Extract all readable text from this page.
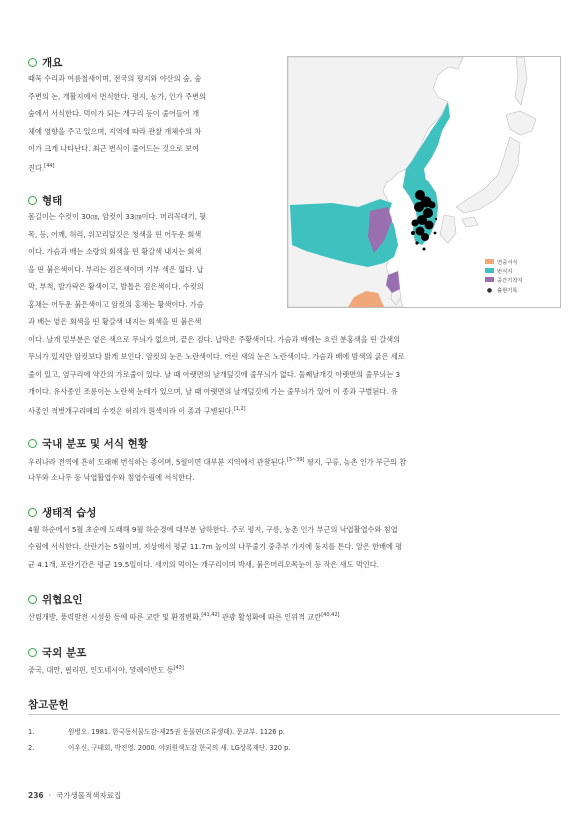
개요

때묵 수리과 여름철새이며, 전국의 평지와 야산의 숲, 숲

주변의 논, 개활지에서 번식한다. 평지, 농가, 인가 주변의

숲에서 서식한다. 먹이가 되는 개구리 등이 줄어들어 개

체에 영향을 주고 있으며, 지역에 따라 관찰 개체수의 차

이가 크게 나타난다. 최근 번식이 줄어드는 것으로 보여

진다.[44]

형태

몸길이는 수컷이 30㎝, 암컷이 33㎝이다. 머리꼭대기, 뒷

목, 등, 어깨, 허리, 위꼬리덮깃은 청색을 띤 어두운 회색

이다. 가슴과 배는 소량의 회색을 띤 황갈색 내지는 회색

을 띤 붉은색이다. 부리는 검은색이며 기부 색은 엷다. 납

막, 부척, 발가락은 황색이고, 발톱은 검은색이다. 수컷의

홍채는 어두운 붉은색이고 암컷의 홍채는 황색이다. 가슴

과 배는 옅은 회색을 띤 황갈색 내지는 회색을 띤 붉은색

이다. 날개 밑부분은 옅은 색으로 무늬가 없으며, 끝은 검다. 납막은 주황색이다. 가슴과 배에는 흐린 분홍색을 띤 갈색의

무늬가 있지만 암컷보다 밝게 보인다. 암컷의 눈은 노란색이다. 어린 새의 눈은 노란색이다. 가슴과 배에 밤색의 굵은 세로

줄이 있고, 옆구리에 약간의 가로줄이 있다. 날 때 아랫면의 날개덮깃에 줄무늬가 없다. 둘째날개깃 아랫면의 줄무늬는 3

개이다. 유사종인 조롱이는 노란색 눈테가 있으며, 날 때 아랫면의 날개덮깃에 가는 줄무늬가 있어 이 종과 구별된다. 유

사종인 적벗개구리매의 수컷은 허리가 흰색이라 이 종과 구별된다.[1,2]

국내 분포 및 서식 현황

우리나라 전역에 흔히 도래해 번식하는 종이며, 5월이면 대부분 지역에서 관찰된다.[3~39] 평지, 구릉, 농촌 인가 부근의 참

나무와 소나무 등 낙엽활엽수와 침엽수림에 서식한다.

생태적 습성

4월 하순에서 5월 초순에 도래해 9월 하순경에 대부분 남하한다. 주로 평지, 구릉, 농촌 인가 부근의 낙엽활엽수와 침엽

수림에 서식한다. 산란기는 5월이며, 지상에서 평균 11.7m 높이의 나무줄기 중추부 가지에 둥지를 튼다. 알은 한배에 평

균 4.1개, 포란기간은 평균 19.5일이다. 새끼의 먹이는 개구리이며 박새, 붉은머리오목눈이 등 작은 새도 먹인다.

위협요인

산림개발, 풍력발전 시설물 등에 따른 교란 및 환경변화,[41,42] 관광 활성화에 따른 인위적 교란[40,42]

국외 분포

중국, 대만, 필리핀, 인도네시아, 말레이반도 등[43]

연중서식
번식지
중간기착지
● 출현기록
참고문헌
1.	원병오. 1981. 한국동식물도감-제25권 동물편(조류생태). 문교부. 1126 p.
2.	이우신, 구태회, 박진영. 2000. 야외원색도감 한국의 새. LG상록재단. 320 p.
236 · 국가생물적색자료집
